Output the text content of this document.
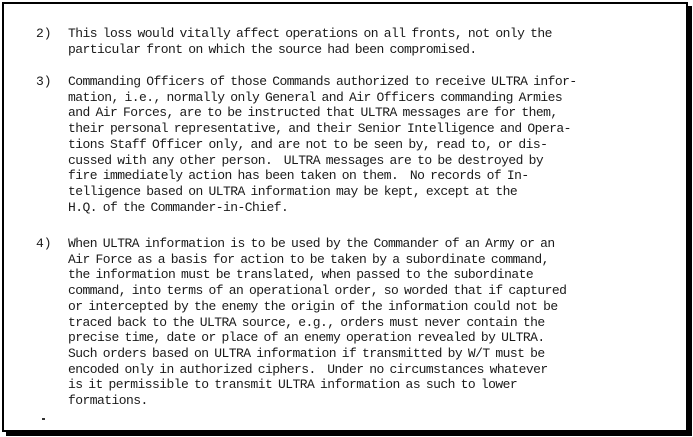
2)	This loss would vitally affect operations on all fronts, not only the
particular front on which the source had been compromised.
3)	Commanding Officers of those Commands authorized to receive ULTRA infor-
mation, i.e., normally only General and Air Officers commanding Armies
and Air Forces, are to be instructed that ULTRA messages are for them,
their personal representative, and their Senior Intelligence and Opera-
tions Staff Officer only, and are not to be seen by, read to, or dis-
cussed with any other person.  ULTRA messages are to be destroyed by
fire immediately action has been taken on them.  No records of In-
telligence based on ULTRA information may be kept, except at the
H.Q. of the Commander-in-Chief.
4)	When ULTRA information is to be used by the Commander of an Army or an
Air Force as a basis for action to be taken by a subordinate command,
the information must be translated, when passed to the subordinate
command, into terms of an operational order, so worded that if captured
or intercepted by the enemy the origin of the information could not be
traced back to the ULTRA source, e.g., orders must never contain the
precise time, date or place of an enemy operation revealed by ULTRA.
Such orders based on ULTRA information if transmitted by W/T must be
encoded only in authorized ciphers.  Under no circumstances whatever
is it permissible to transmit ULTRA information as such to lower
formations.
